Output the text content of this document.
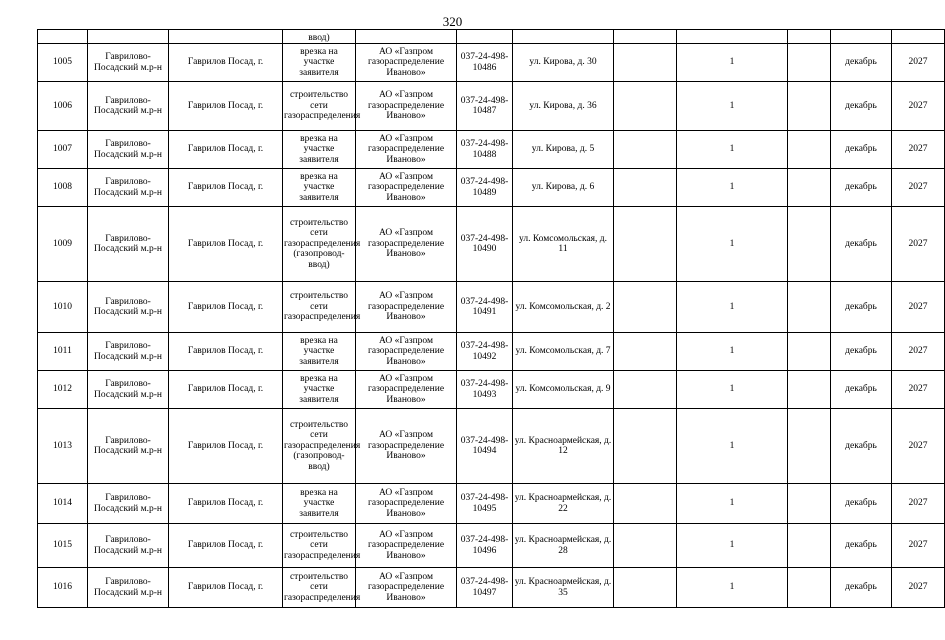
320
			ввод)								
1005	Гаврилово-Посадский м.р-н	Гаврилов Посад, г.	врезка на участке заявителя	АО «Газпром газораспределение Иваново»	037-24-498-10486	ул. Кирова, д. 30		1		декабрь	2027
1006	Гаврилово-Посадский м.р-н	Гаврилов Посад, г.	строительство сети газораспределения	АО «Газпром газораспределение Иваново»	037-24-498-10487	ул. Кирова, д. 36		1		декабрь	2027
1007	Гаврилово-Посадский м.р-н	Гаврилов Посад, г.	врезка на участке заявителя	АО «Газпром газораспределение Иваново»	037-24-498-10488	ул. Кирова, д. 5		1		декабрь	2027
1008	Гаврилово-Посадский м.р-н	Гаврилов Посад, г.	врезка на участке заявителя	АО «Газпром газораспределение Иваново»	037-24-498-10489	ул. Кирова, д. 6		1		декабрь	2027
1009	Гаврилово-Посадский м.р-н	Гаврилов Посад, г.	строительство сети газораспределения (газопровод-ввод)	АО «Газпром газораспределение Иваново»	037-24-498-10490	ул. Комсомольская, д. 11		1		декабрь	2027
1010	Гаврилово-Посадский м.р-н	Гаврилов Посад, г.	строительство сети газораспределения	АО «Газпром газораспределение Иваново»	037-24-498-10491	ул. Комсомольская, д. 2		1		декабрь	2027
1011	Гаврилово-Посадский м.р-н	Гаврилов Посад, г.	врезка на участке заявителя	АО «Газпром газораспределение Иваново»	037-24-498-10492	ул. Комсомольская, д. 7		1		декабрь	2027
1012	Гаврилово-Посадский м.р-н	Гаврилов Посад, г.	врезка на участке заявителя	АО «Газпром газораспределение Иваново»	037-24-498-10493	ул. Комсомольская, д. 9		1		декабрь	2027
1013	Гаврилово-Посадский м.р-н	Гаврилов Посад, г.	строительство сети газораспределения (газопровод-ввод)	АО «Газпром газораспределение Иваново»	037-24-498-10494	ул. Красноармейская, д. 12		1		декабрь	2027
1014	Гаврилово-Посадский м.р-н	Гаврилов Посад, г.	врезка на участке заявителя	АО «Газпром газораспределение Иваново»	037-24-498-10495	ул. Красноармейская, д. 22		1		декабрь	2027
1015	Гаврилово-Посадский м.р-н	Гаврилов Посад, г.	строительство сети газораспределения	АО «Газпром газораспределение Иваново»	037-24-498-10496	ул. Красноармейская, д. 28		1		декабрь	2027
1016	Гаврилово-Посадский м.р-н	Гаврилов Посад, г.	строительство сети газораспределения	АО «Газпром газораспределение Иваново»	037-24-498-10497	ул. Красноармейская, д. 35		1		декабрь	2027
